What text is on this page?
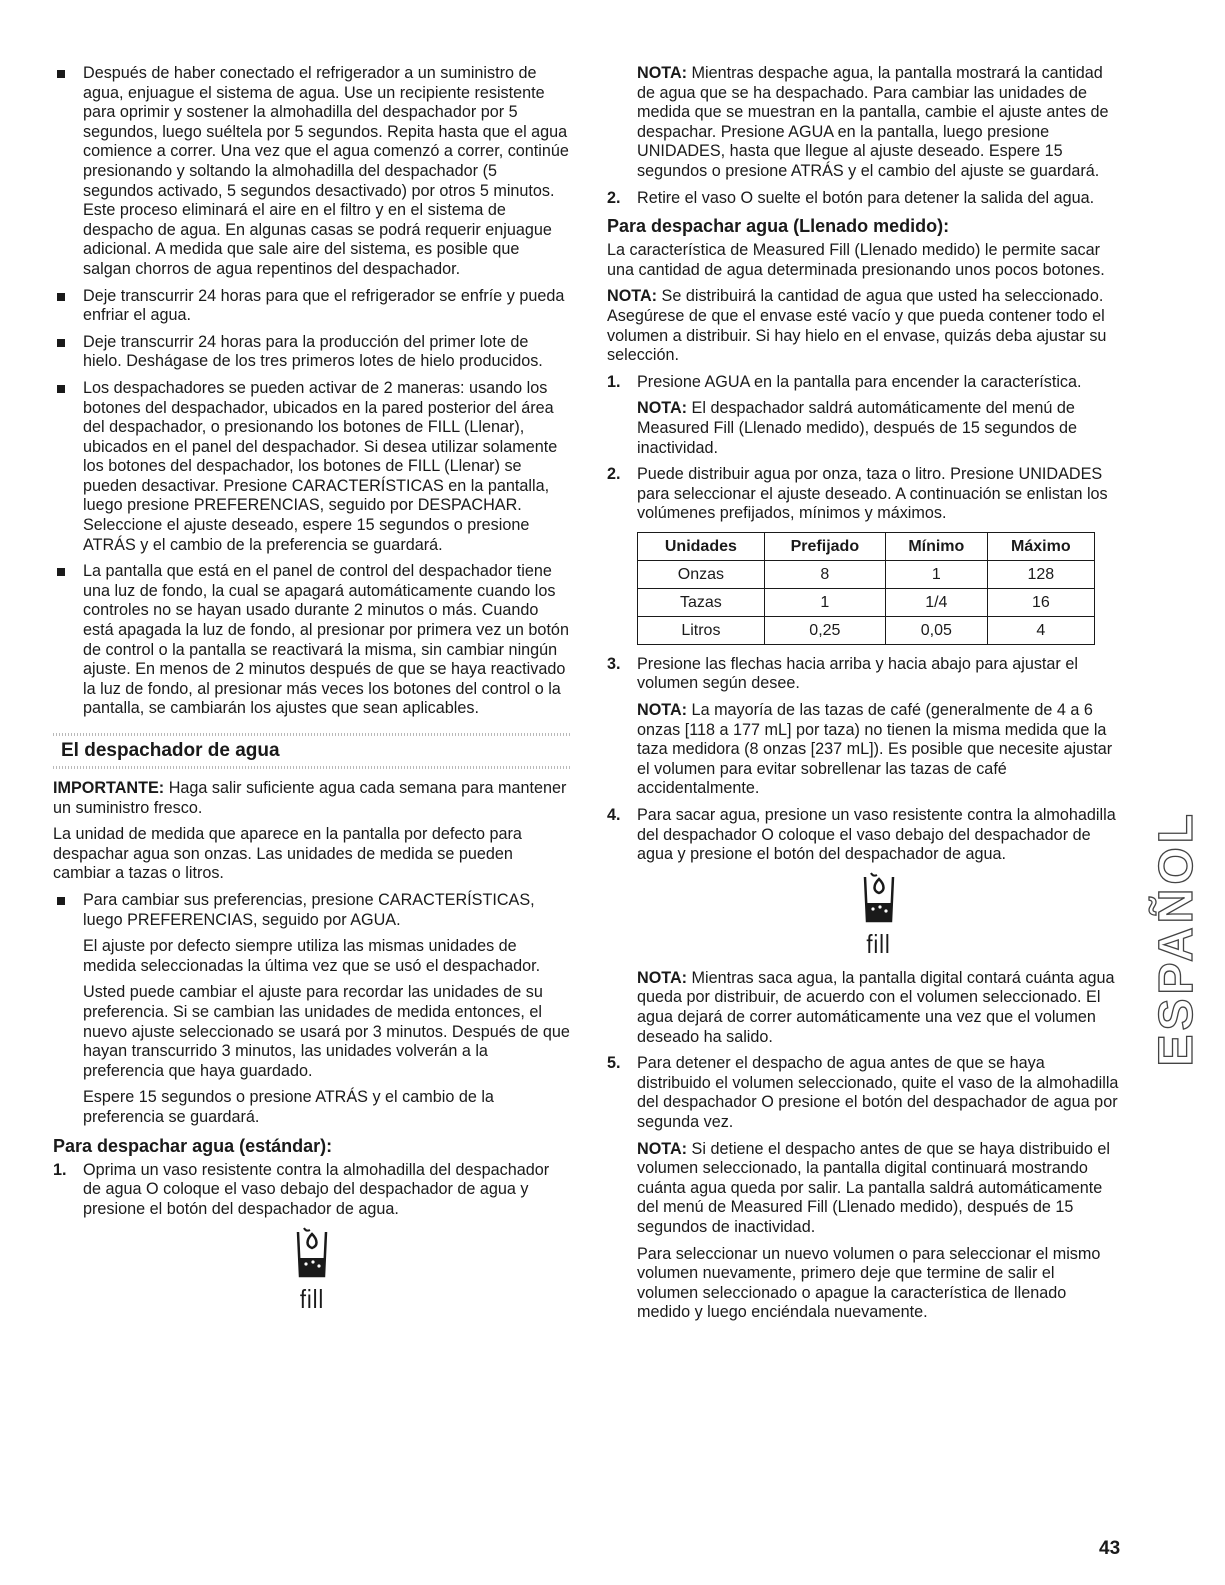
Después de haber conectado el refrigerador a un suministro de agua, enjuague el sistema de agua. Use un recipiente resistente para oprimir y sostener la almohadilla del despachador por 5 segundos, luego suéltela por 5 segundos. Repita hasta que el agua comience a correr. Una vez que el agua comenzó a correr, continúe presionando y soltando la almohadilla del despachador (5 segundos activado, 5 segundos desactivado) por otros 5 minutos. Este proceso eliminará el aire en el filtro y en el sistema de despacho de agua. En algunas casas se podrá requerir enjuague adicional. A medida que sale aire del sistema, es posible que salgan chorros de agua repentinos del despachador.
Deje transcurrir 24 horas para que el refrigerador se enfríe y pueda enfriar el agua.
Deje transcurrir 24 horas para la producción del primer lote de hielo. Deshágase de los tres primeros lotes de hielo producidos.
Los despachadores se pueden activar de 2 maneras: usando los botones del despachador, ubicados en la pared posterior del área del despachador, o presionando los botones de FILL (Llenar), ubicados en el panel del despachador. Si desea utilizar solamente los botones del despachador, los botones de FILL (Llenar) se pueden desactivar. Presione CARACTERÍSTICAS en la pantalla, luego presione PREFERENCIAS, seguido por DESPACHAR. Seleccione el ajuste deseado, espere 15 segundos o presione ATRÁS y el cambio de la preferencia se guardará.
La pantalla que está en el panel de control del despachador tiene una luz de fondo, la cual se apagará automáticamente cuando los controles no se hayan usado durante 2 minutos o más. Cuando está apagada la luz de fondo, al presionar por primera vez un botón de control o la pantalla se reactivará la misma, sin cambiar ningún ajuste. En menos de 2 minutos después de que se haya reactivado la luz de fondo, al presionar más veces los botones del control o la pantalla, se cambiarán los ajustes que sean aplicables.
El despachador de agua

IMPORTANTE: Haga salir suficiente agua cada semana para mantener un suministro fresco.

La unidad de medida que aparece en la pantalla por defecto para despachar agua son onzas. Las unidades de medida se pueden cambiar a tazas o litros.

Para cambiar sus preferencias, presione CARACTERÍSTICAS, luego PREFERENCIAS, seguido por AGUA.

El ajuste por defecto siempre utiliza las mismas unidades de medida seleccionadas la última vez que se usó el despachador.

Usted puede cambiar el ajuste para recordar las unidades de su preferencia. Si se cambian las unidades de medida entonces, el nuevo ajuste seleccionado se usará por 3 minutos. Después de que hayan transcurrido 3 minutos, las unidades volverán a la preferencia que haya guardado.

Espere 15 segundos o presione ATRÁS y el cambio de la preferencia se guardará.

Para despachar agua (estándar):
1. Oprima un vaso resistente contra la almohadilla del despachador de agua O coloque el vaso debajo del despachador de agua y presione el botón del despachador de agua.
fill

NOTA: Mientras despache agua, la pantalla mostrará la cantidad de agua que se ha despachado. Para cambiar las unidades de medida que se muestran en la pantalla, cambie el ajuste antes de despachar. Presione AGUA en la pantalla, luego presione UNIDADES, hasta que llegue al ajuste deseado. Espere 15 segundos o presione ATRÁS y el cambio del ajuste se guardará.

2. Retire el vaso O suelte el botón para detener la salida del agua.
Para despachar agua (Llenado medido):

La característica de Measured Fill (Llenado medido) le permite sacar una cantidad de agua determinada presionando unos pocos botones.

NOTA: Se distribuirá la cantidad de agua que usted ha seleccionado. Asegúrese de que el envase esté vacío y que pueda contener todo el volumen a distribuir. Si hay hielo en el envase, quizás deba ajustar su selección.

1. Presione AGUA en la pantalla para encender la característica.

NOTA: El despachador saldrá automáticamente del menú de Measured Fill (Llenado medido), después de 15 segundos de inactividad.

2. Puede distribuir agua por onza, taza o litro. Presione UNIDADES para seleccionar el ajuste deseado. A continuación se enlistan los volúmenes prefijados, mínimos y máximos.
Unidades	Prefijado	Mínimo	Máximo
Onzas	8	1	128
Tazas	1	1/4	16
Litros	0,25	0,05	4
3. Presione las flechas hacia arriba y hacia abajo para ajustar el volumen según desee.

NOTA: La mayoría de las tazas de café (generalmente de 4 a 6 onzas [118 a 177 mL] por taza) no tienen la misma medida que la taza medidora (8 onzas [237 mL]). Es posible que necesite ajustar el volumen para evitar sobrellenar las tazas de café accidentalmente.

4. Para sacar agua, presione un vaso resistente contra la almohadilla del despachador O coloque el vaso debajo del despachador de agua y presione el botón del despachador de agua.
fill

NOTA: Mientras saca agua, la pantalla digital contará cuánta agua queda por distribuir, de acuerdo con el volumen seleccionado. El agua dejará de correr automáticamente una vez que el volumen deseado ha salido.

5. Para detener el despacho de agua antes de que se haya distribuido el volumen seleccionado, quite el vaso de la almohadilla del despachador O presione el botón del despachador de agua por segunda vez.

NOTA: Si detiene el despacho antes de que se haya distribuido el volumen seleccionado, la pantalla digital continuará mostrando cuánta agua queda por salir. La pantalla saldrá automáticamente del menú de Measured Fill (Llenado medido), después de 15 segundos de inactividad.

Para seleccionar un nuevo volumen o para seleccionar el mismo volumen nuevamente, primero deje que termine de salir el volumen seleccionado o apague la característica de llenado medido y luego enciéndala nuevamente.

ESPAÑOL
43
